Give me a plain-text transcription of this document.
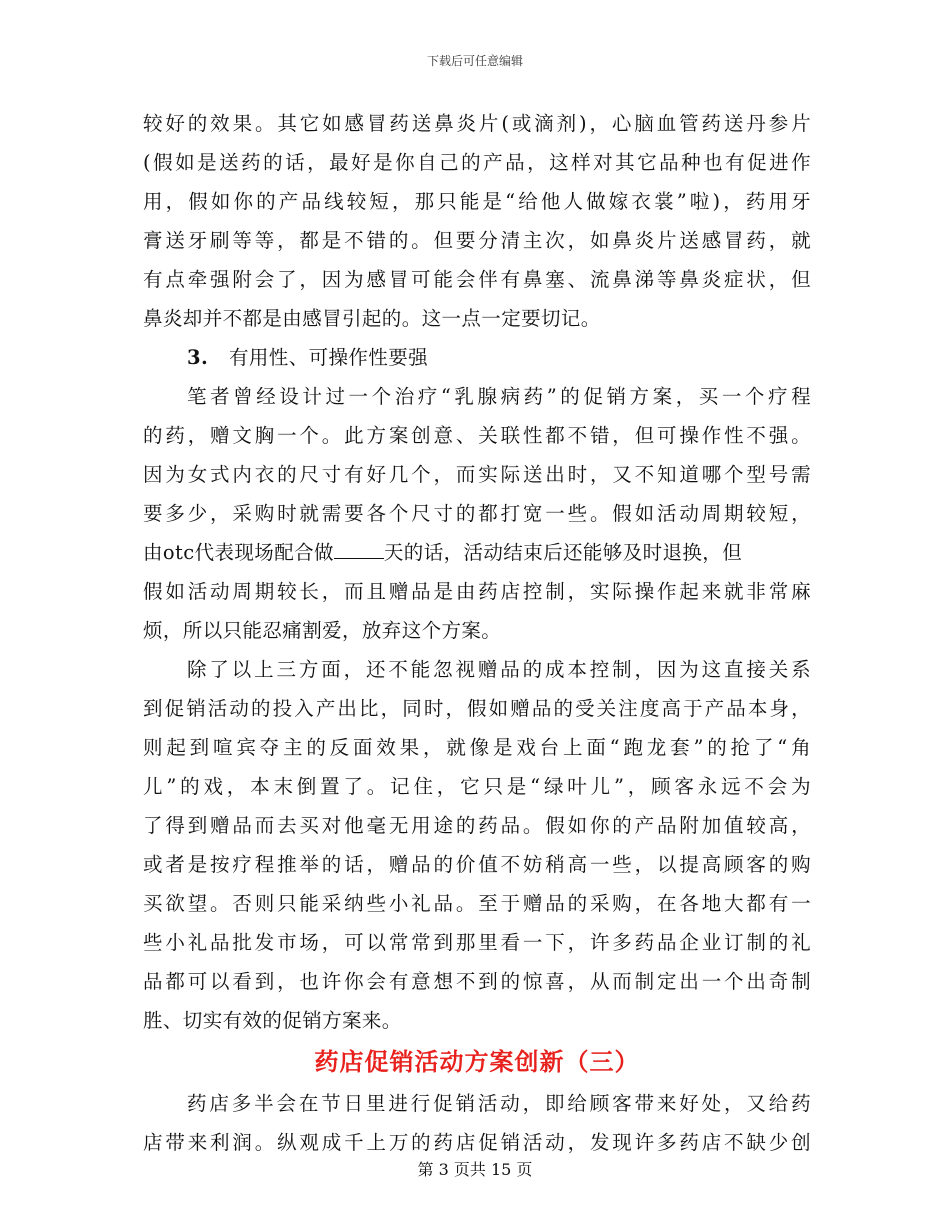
下载后可任意编辑
较好的效果。其它如感冒药送鼻炎片(或滴剂)，心脑血管药送丹参片
(假如是送药的话，最好是你自己的产品，这样对其它品种也有促进作
用，假如你的产品线较短，那只能是“给他人做嫁衣裳”啦)，药用牙
膏送牙刷等等，都是不错的。但要分清主次，如鼻炎片送感冒药，就
有点牵强附会了，因为感冒可能会伴有鼻塞、流鼻涕等鼻炎症状，但
鼻炎却并不都是由感冒引起的。这一点一定要切记。
3. 有用性、可操作性要强
笔者曾经设计过一个治疗“乳腺病药”的促销方案，买一个疗程
的药，赠文胸一个。此方案创意、关联性都不错，但可操作性不强。
因为女式内衣的尺寸有好几个，而实际送出时，又不知道哪个型号需
要多少，采购时就需要各个尺寸的都打宽一些。假如活动周期较短，
由otc代表现场配合做	天的话，活动结束后还能够及时退换，但
假如活动周期较长，而且赠品是由药店控制，实际操作起来就非常麻
烦，所以只能忍痛割爱，放弃这个方案。
除了以上三方面，还不能忽视赠品的成本控制，因为这直接关系
到促销活动的投入产出比，同时，假如赠品的受关注度高于产品本身，
则起到喧宾夺主的反面效果，就像是戏台上面“跑龙套”的抢了“角
儿”的戏，本末倒置了。记住，它只是“绿叶儿”，顾客永远不会为
了得到赠品而去买对他毫无用途的药品。假如你的产品附加值较高，
或者是按疗程推举的话，赠品的价值不妨稍高一些，以提高顾客的购
买欲望。否则只能采纳些小礼品。至于赠品的采购，在各地大都有一
些小礼品批发市场，可以常常到那里看一下，许多药品企业订制的礼
品都可以看到，也许你会有意想不到的惊喜，从而制定出一个出奇制
胜、切实有效的促销方案来。
药店促销活动方案创新（三）
药店多半会在节日里进行促销活动，即给顾客带来好处，又给药
店带来利润。纵观成千上万的药店促销活动，发现许多药店不缺少创
第 3 页共 15 页
